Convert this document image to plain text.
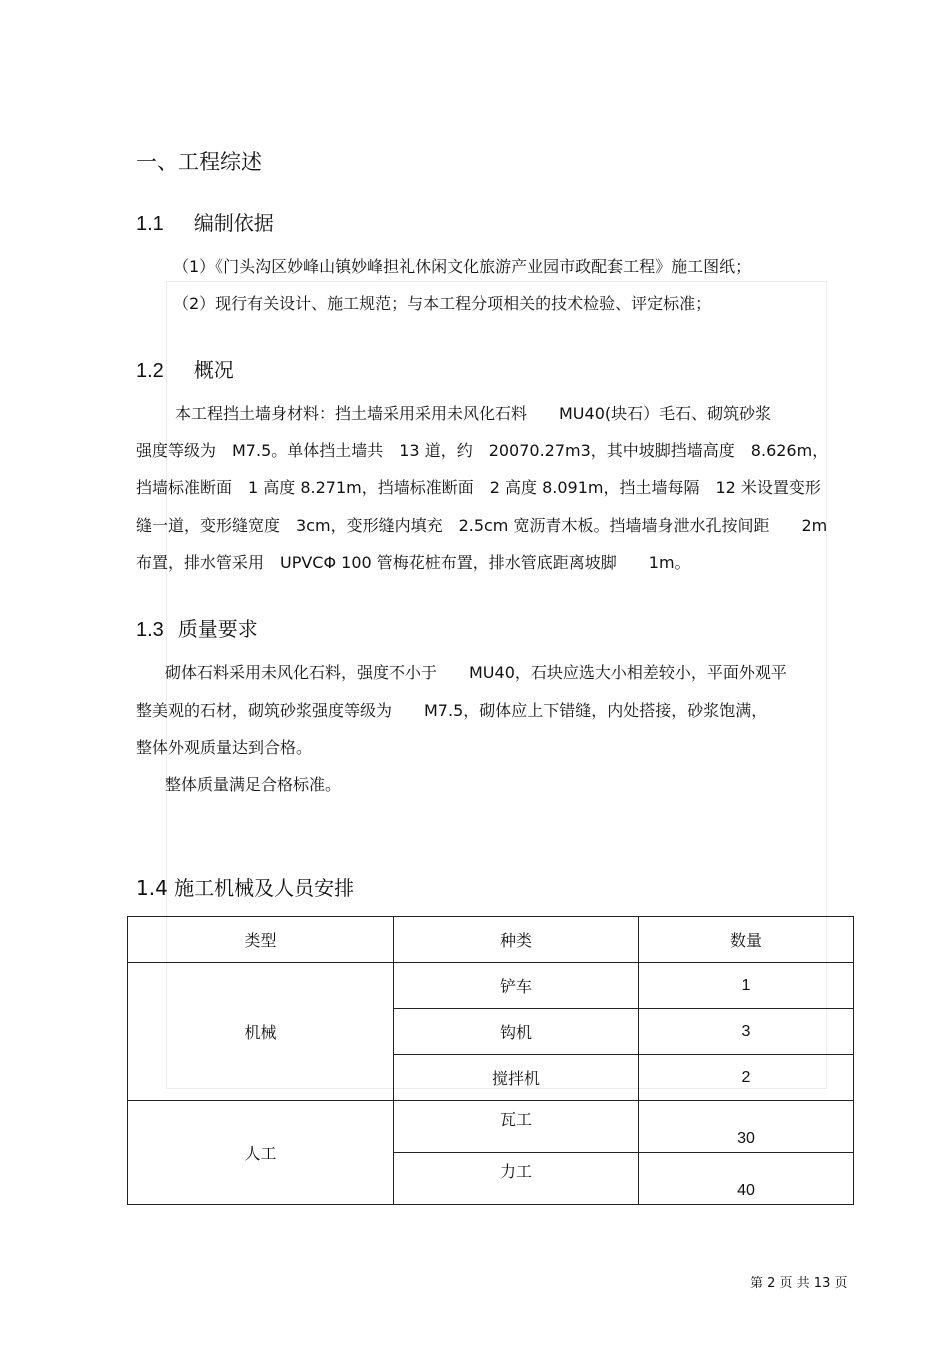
一、工程综述
1.1 编制依据
（1）《门头沟区妙峰山镇妙峰担礼休闲文化旅游产业园市政配套工程》施工图纸；
（2）现行有关设计、施工规范；与本工程分项相关的技术检验、评定标准；
1.2 概况
本工程挡土墙身材料：挡土墙采用采用未风化石料　　MU40(块石）毛石、砌筑砂浆
强度等级为　M7.5。单体挡土墙共　13 道，约　20070.27m3，其中坡脚挡墙高度　8.626m，
挡墙标准断面　1 高度 8.271m，挡墙标准断面　2 高度 8.091m，挡土墙每隔　12 米设置变形
缝一道，变形缝宽度　3cm，变形缝内填充　2.5cm 宽沥青木板。挡墙墙身泄水孔按间距　　2m
布置，排水管采用　UPVCΦ 100 管梅花桩布置，排水管底距离坡脚　　1m。
1.3 质量要求
砌体石料采用未风化石料，强度不小于　　MU40，石块应选大小相差较小，平面外观平
整美观的石材，砌筑砂浆强度等级为　　M7.5，砌体应上下错缝，内处搭接，砂浆饱满，
整体外观质量达到合格。
整体质量满足合格标准。
1.4 施工机械及人员安排
类型	种类	数量
机械	铲车	1
	钩机	3
	搅拌机	2
人工	瓦工	30
	力工	40
第 2 页 共 13 页
